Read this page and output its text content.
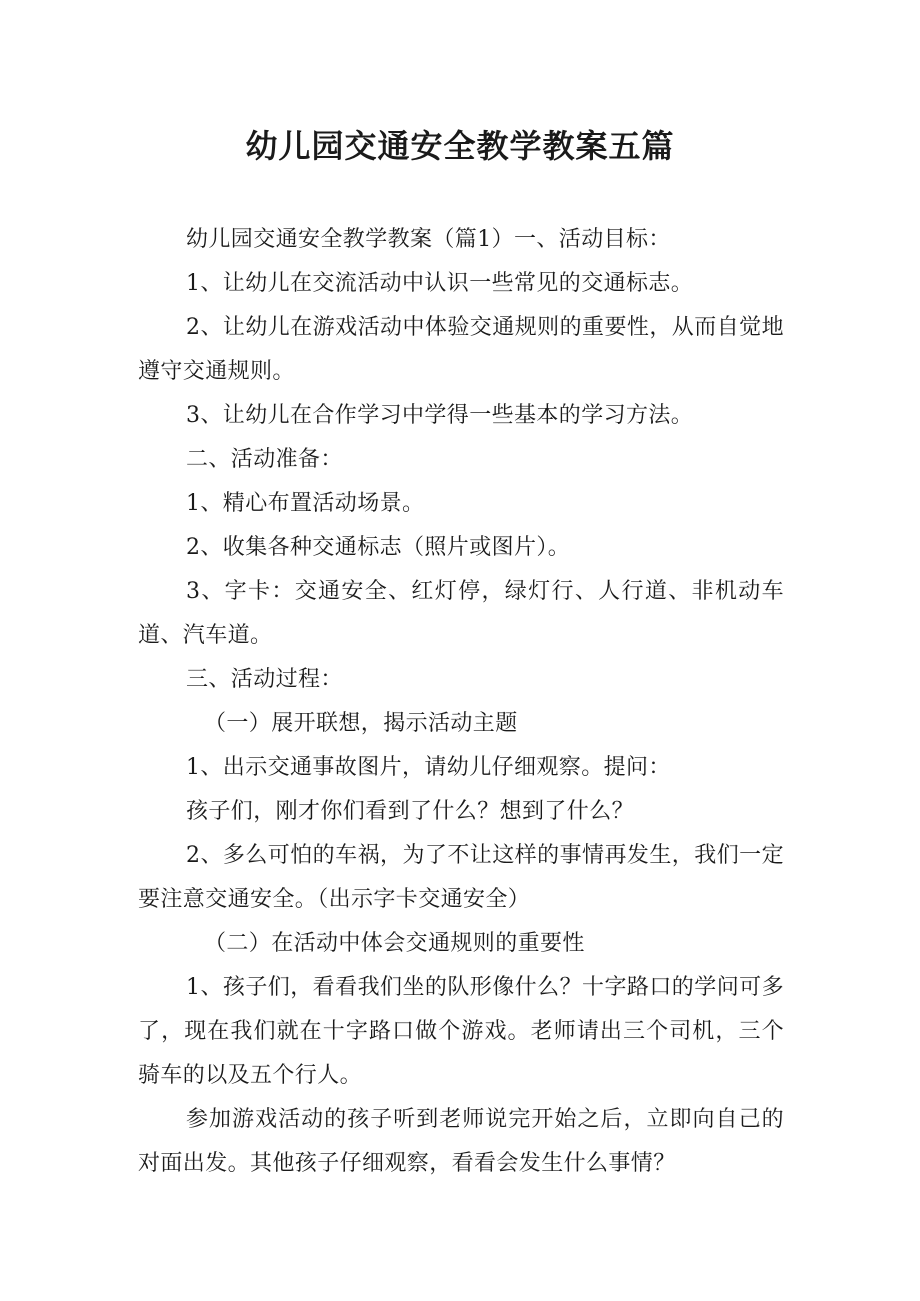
幼儿园交通安全教学教案五篇

幼儿园交通安全教学教案（篇1）一、活动目标：

1、让幼儿在交流活动中认识一些常见的交通标志。

2、让幼儿在游戏活动中体验交通规则的重要性，从而自觉地遵守交通规则。

3、让幼儿在合作学习中学得一些基本的学习方法。

二、活动准备：

1、精心布置活动场景。

2、收集各种交通标志（照片或图片）。

3、字卡：交通安全、红灯停，绿灯行、人行道、非机动车道、汽车道。

三、活动过程：

（一）展开联想，揭示活动主题

1、出示交通事故图片，请幼儿仔细观察。提问：

孩子们，刚才你们看到了什么？想到了什么？

2、多么可怕的车祸，为了不让这样的事情再发生，我们一定要注意交通安全。（出示字卡交通安全）

（二）在活动中体会交通规则的重要性

1、孩子们，看看我们坐的队形像什么？十字路口的学问可多了，现在我们就在十字路口做个游戏。老师请出三个司机，三个骑车的以及五个行人。

参加游戏活动的孩子听到老师说完开始之后，立即向自己的对面出发。其他孩子仔细观察，看看会发生什么事情？
